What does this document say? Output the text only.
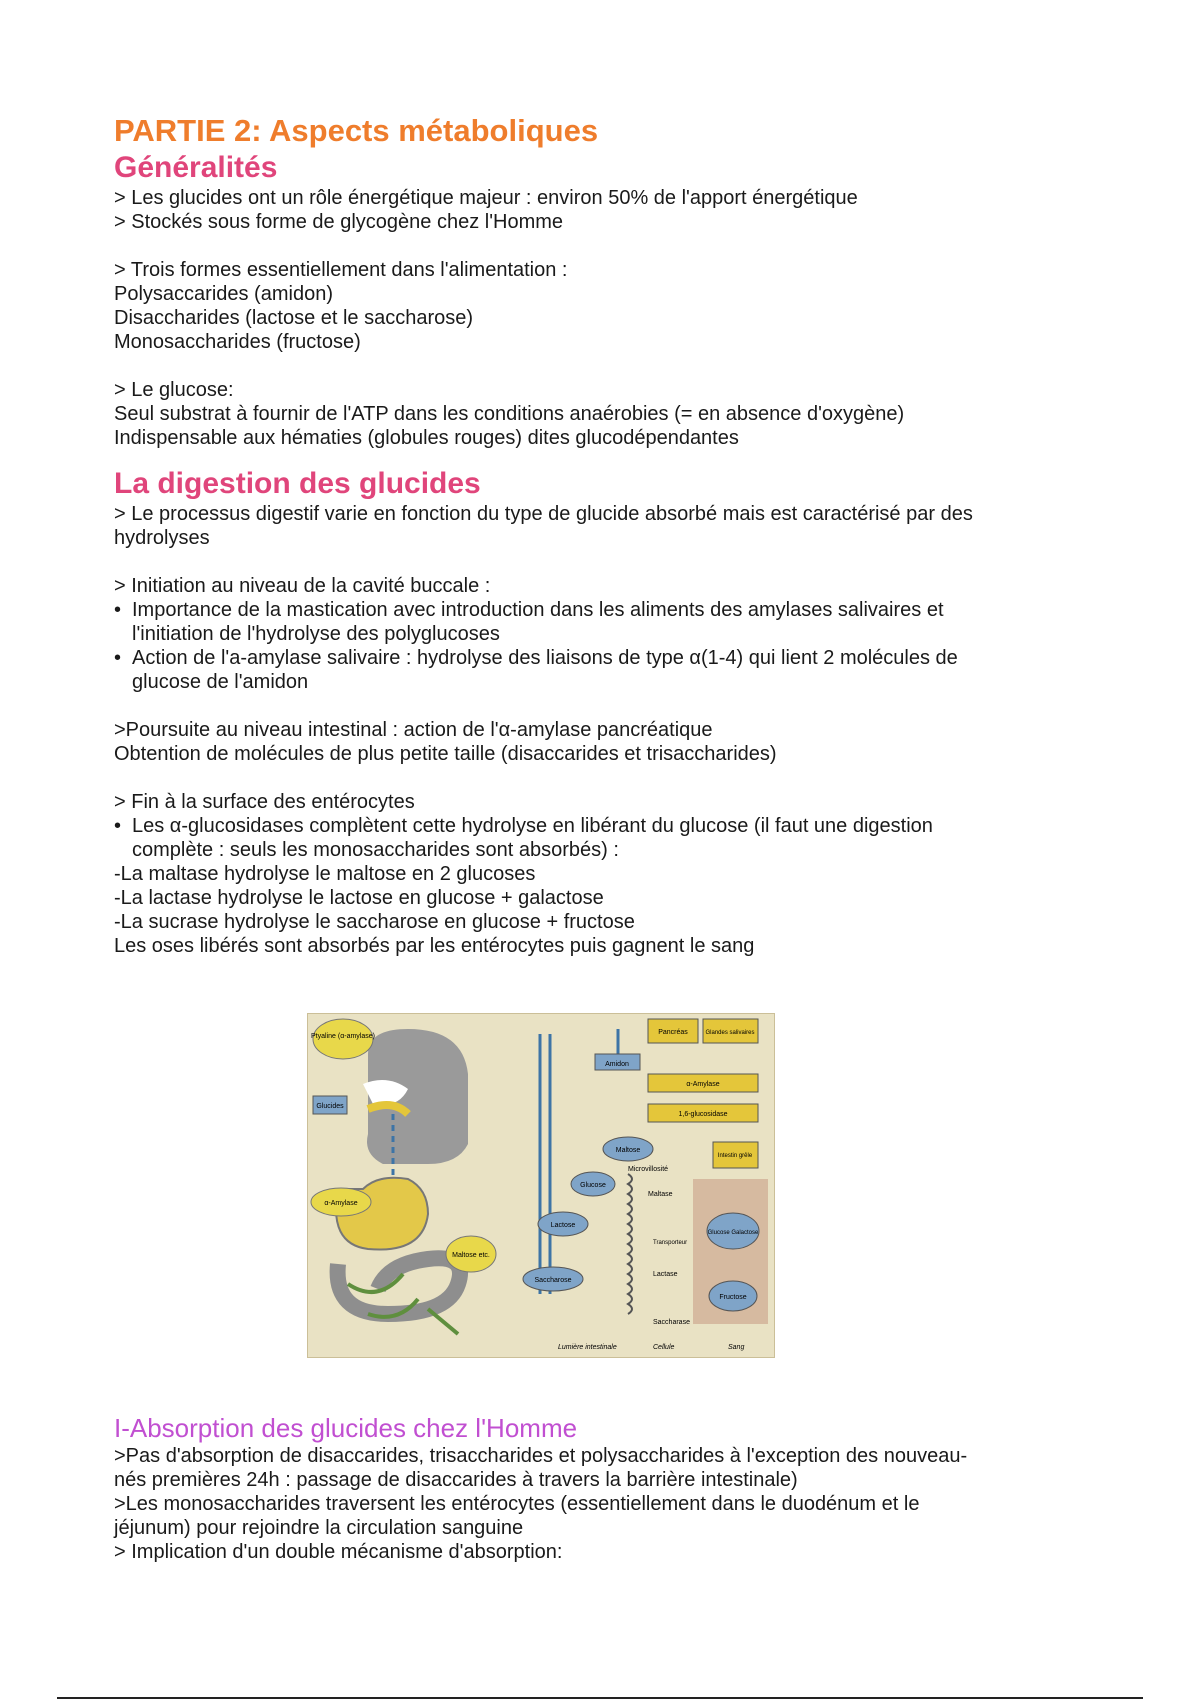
PARTIE 2: Aspects métaboliques
Généralités

> Les glucides ont un rôle énergétique majeur : environ 50% de l'apport énergétique

> Stockés sous forme de glycogène chez l'Homme

> Trois formes essentiellement dans l'alimentation :

Polysaccarides (amidon)

Disaccharides (lactose et le saccharose)

Monosaccharides (fructose)

> Le glucose:

Seul substrat à fournir de l'ATP dans les conditions anaérobies (= en absence d'oxygène)

Indispensable aux hématies (globules rouges) dites glucodépendantes

La digestion des glucides

> Le processus digestif varie en fonction du type de glucide absorbé mais est caractérisé par des

hydrolyses

> Initiation au niveau de la cavité buccale :

• Importance de la mastication avec introduction dans les aliments des amylases salivaires et
l'initiation de l'hydrolyse des polyglucoses
• Action de l'a-amylase salivaire : hydrolyse des liaisons de type α(1-4) qui lient 2 molécules de
glucose de l'amidon

>Poursuite au niveau intestinal : action de l'α-amylase pancréatique

Obtention de molécules de plus petite taille (disaccarides et trisaccharides)

> Fin à la surface des entérocytes

• Les α-glucosidases complètent cette hydrolyse en libérant du glucose (il faut une digestion
complète : seuls les monosaccharides sont absorbés) :

-La maltase hydrolyse le maltose en 2 glucoses

-La lactase hydrolyse le lactose en glucose + galactose

-La sucrase hydrolyse le saccharose en glucose + fructose

Les oses libérés sont absorbés par les entérocytes puis gagnent le sang

Ptyaline (α-amylase)
Glucides
α-Amylase
Maltose etc.
Pancréas	Glandes salivaires
Amidon
α-Amylase
1,6-glucosidase
Intestin grêle
Maltose
Glucose
Lactose
Saccharose
Microvillosité
Maltase
Transporteur
Lactase
Saccharase
Glucose Galactose
Fructose
Lumière intestinale	Cellule	Sang
I-Absorption des glucides chez l'Homme

>Pas d'absorption de disaccarides, trisaccharides et polysaccharides à l'exception des nouveau-

nés premières 24h : passage de disaccarides à travers la barrière intestinale)

>Les monosaccharides traversent les entérocytes (essentiellement dans le duodénum et le

jéjunum) pour rejoindre la circulation sanguine

> Implication d'un double mécanisme d'absorption:
